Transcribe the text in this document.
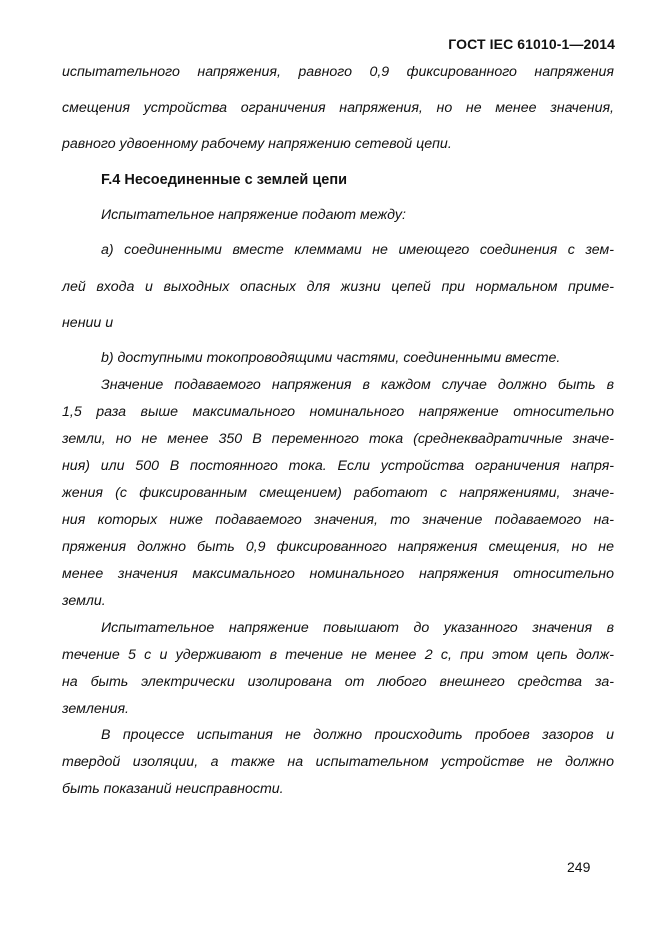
ГОСТ IEC 61010-1—2014
испытательного напряжения, равного 0,9 фиксированного напряжения
смещения устройства ограничения напряжения, но не менее значения,
равного удвоенному рабочему напряжению сетевой цепи.
F.4 Несоединенные с землей цепи
Испытательное напряжение подают между:
а) соединенными вместе клеммами не имеющего соединения с зем-
лей входа и выходных опасных для жизни цепей при нормальном приме-
нении и
b) доступными токопроводящими частями, соединенными вместе.
Значение подаваемого напряжения в каждом случае должно быть в
1,5 раза выше максимального номинального напряжение относительно
земли, но не менее 350 В переменного тока (среднеквадратичные значе-
ния) или 500 В постоянного тока. Если устройства ограничения напря-
жения (с фиксированным смещением) работают с напряжениями, значе-
ния которых ниже подаваемого значения, то значение подаваемого на-
пряжения должно быть 0,9 фиксированного напряжения смещения, но не
менее значения максимального номинального напряжения относительно
земли.
Испытательное напряжение повышают до указанного значения в
течение 5 с и удерживают в течение не менее 2 с, при этом цепь долж-
на быть электрически изолирована от любого внешнего средства за-
земления.
В процессе испытания не должно происходить пробоев зазоров и
твердой изоляции, а также на испытательном устройстве не должно
быть показаний неисправности.
249
